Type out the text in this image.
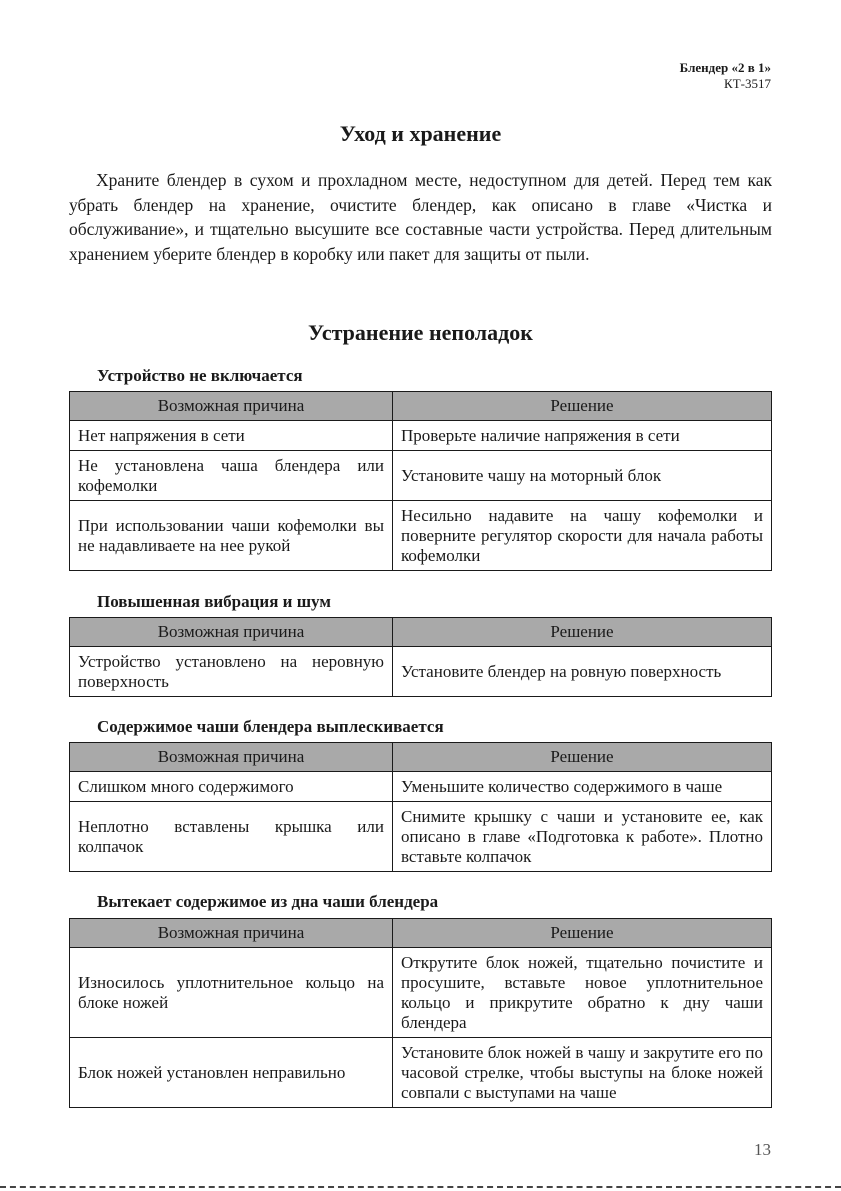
Блендер «2 в 1»
КТ-3517
Уход и хранение

Храните блендер в сухом и прохладном месте, недоступном для детей. Перед тем как убрать блендер на хранение, очистите блендер, как описано в главе «Чистка и обслуживание», и тщательно высушите все составные части устройства. Перед длительным хранением уберите блендер в коробку или пакет для защиты от пыли.

Устранение неполадок
Устройство не включается
Возможная причина	Решение
Нет напряжения в сети	Проверьте наличие напряжения в сети
Не установлена чаша блендера или кофемолки	Установите чашу на моторный блок
При использовании чаши кофемолки вы не надавливаете на нее рукой	Несильно надавите на чашу кофемолки и поверните регулятор скорости для начала работы кофемолки
Повышенная вибрация и шум
Возможная причина	Решение
Устройство установлено на неровную поверхность	Установите блендер на ровную поверхность
Содержимое чаши блендера выплескивается
Возможная причина	Решение
Слишком много содержимого	Уменьшите количество содержимого в чаше
Неплотно вставлены крышка или колпачок	Снимите крышку с чаши и установите ее, как описано в главе «Подготовка к работе». Плотно вставьте колпачок
Вытекает содержимое из дна чаши блендера
Возможная причина	Решение
Износилось уплотнительное кольцо на блоке ножей	Открутите блок ножей, тщательно почистите и просушите, вставьте новое уплотнительное кольцо и прикрутите обратно к дну чаши блендера
Блок ножей установлен неправильно	Установите блок ножей в чашу и закрутите его по часовой стрелке, чтобы выступы на блоке ножей совпали с выступами на чаше
13
